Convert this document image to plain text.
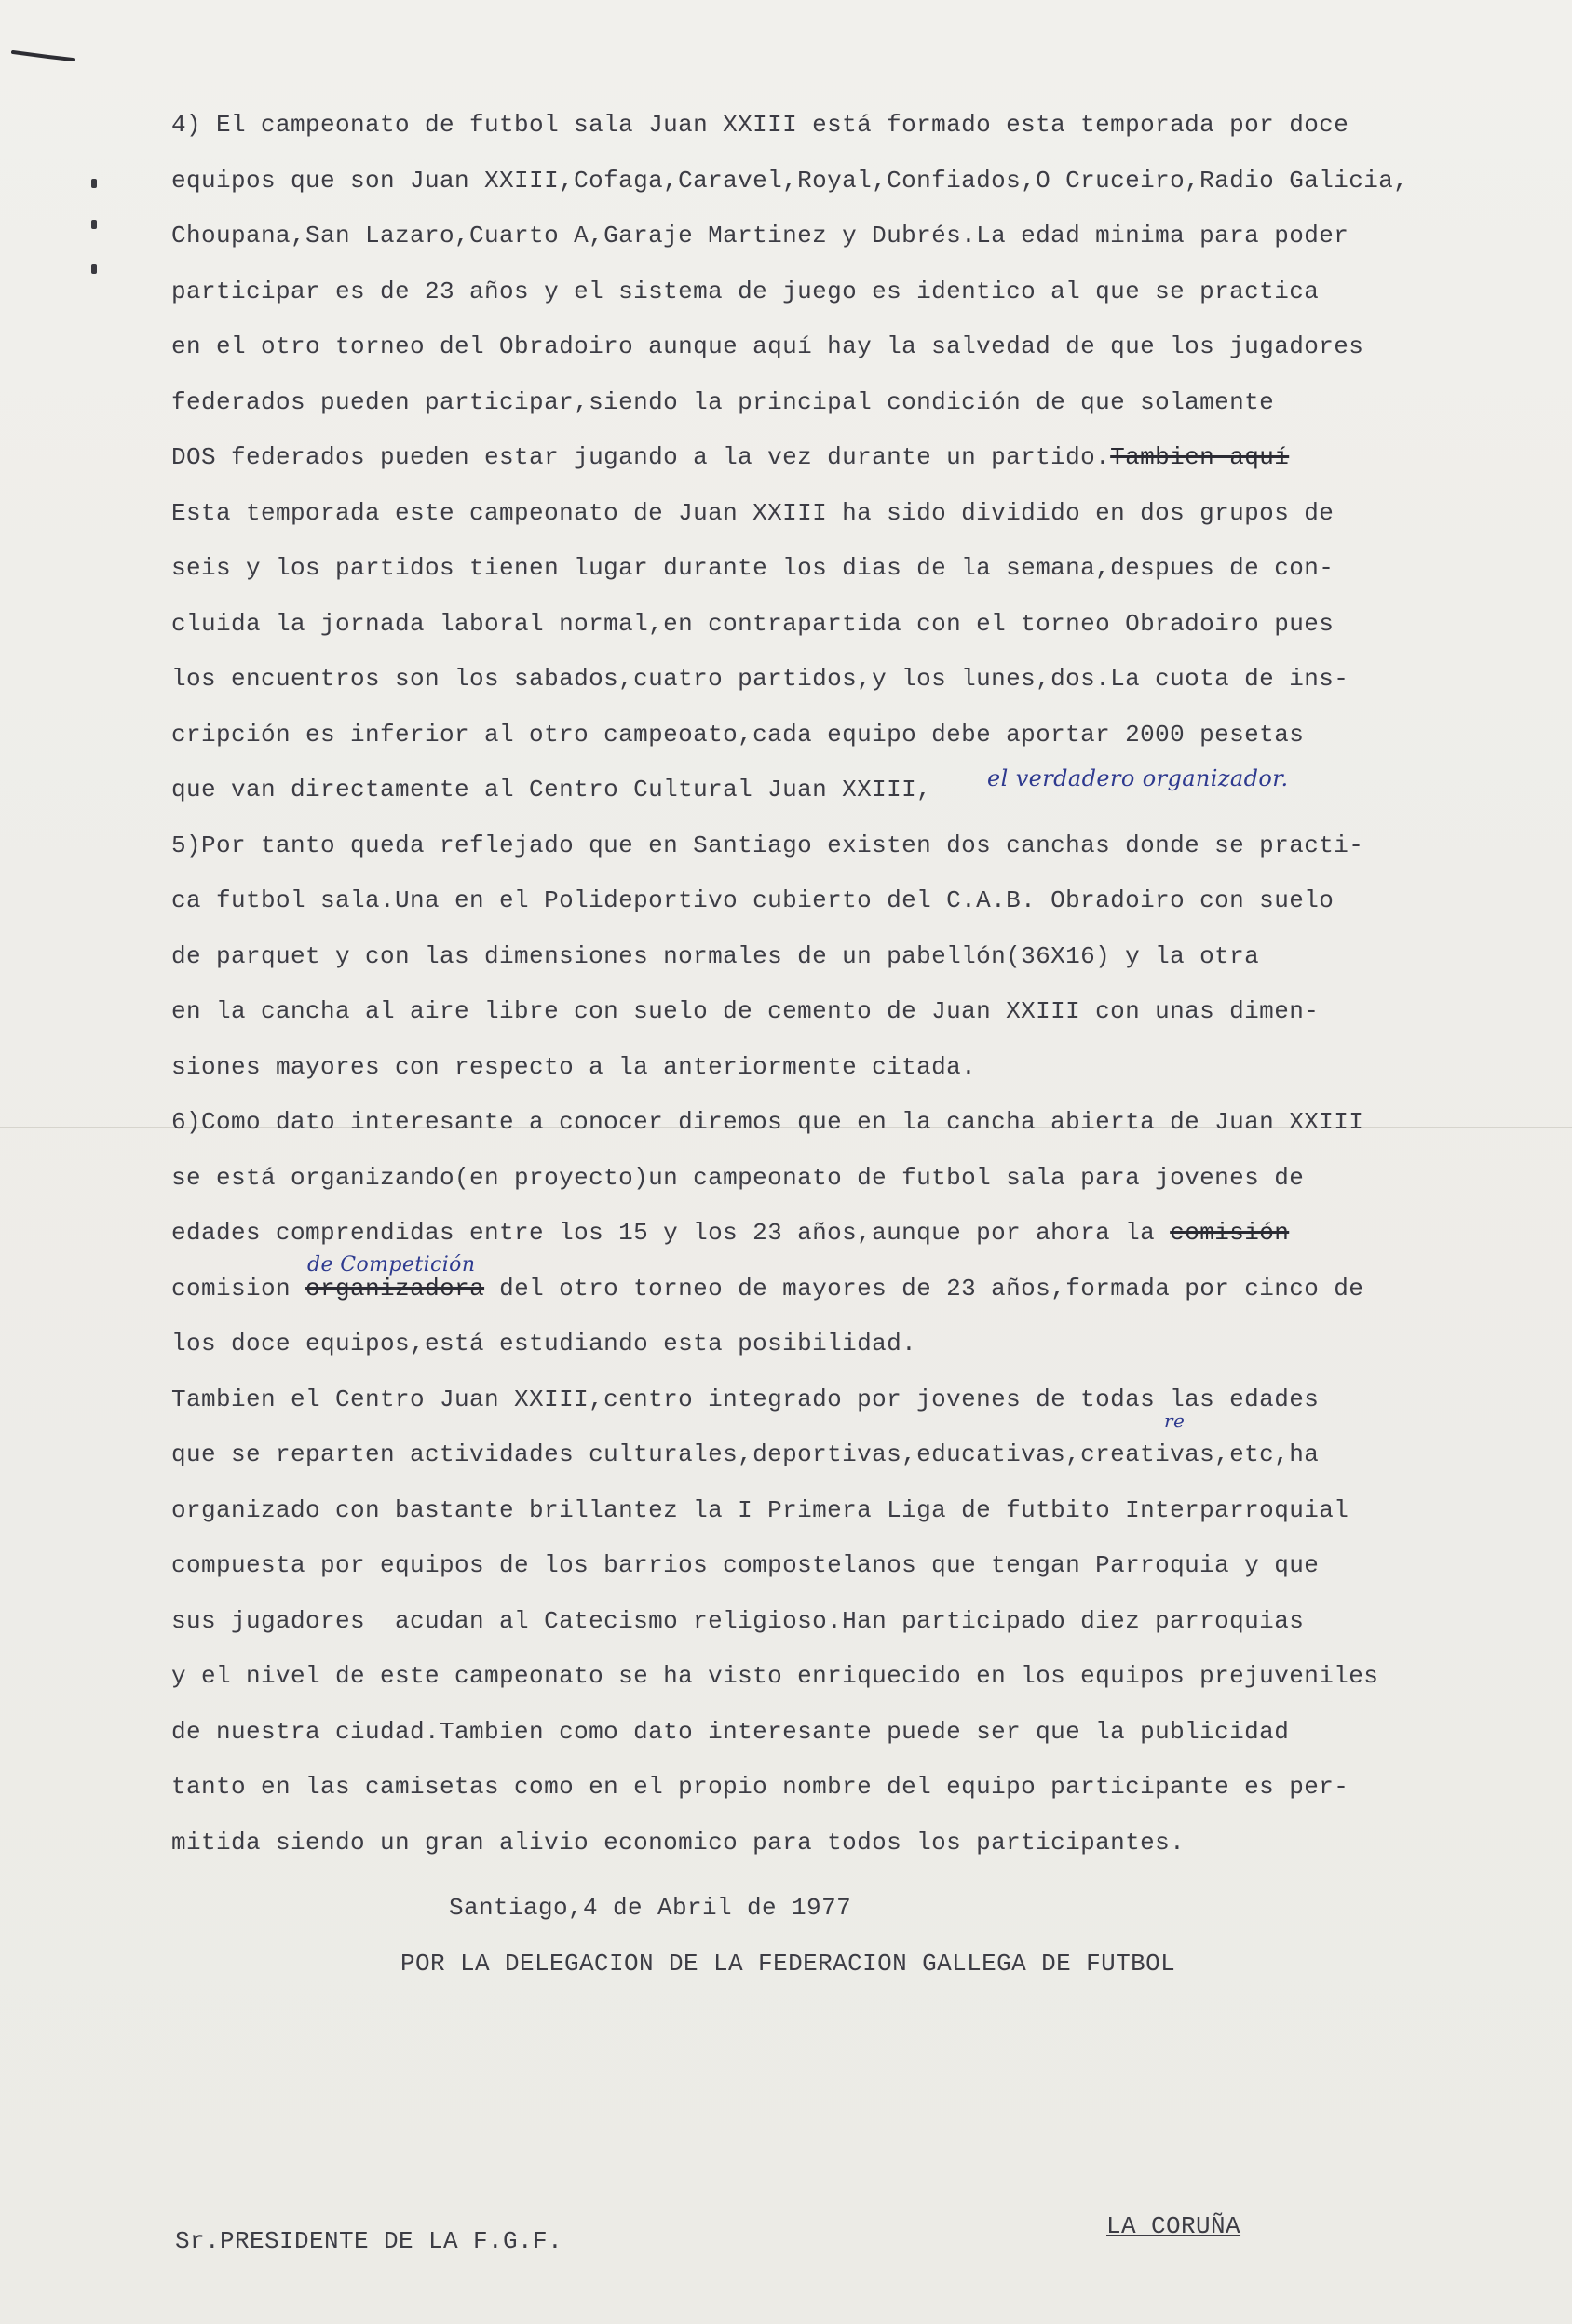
4) El campeonato de futbol sala Juan XXIII está formado esta temporada por doce
equipos que son Juan XXIII,Cofaga,Caravel,Royal,Confiados,O Cruceiro,Radio Galicia,
Choupana,San Lazaro,Cuarto A,Garaje Martinez y Dubrés.La edad minima para poder
participar es de 23 años y el sistema de juego es identico al que se practica
en el otro torneo del Obradoiro aunque aquí hay la salvedad de que los jugadores
federados pueden participar,siendo la principal condición de que solamente
DOS federados pueden estar jugando a la vez durante un partido.Tambien aquí
Esta temporada este campeonato de Juan XXIII ha sido dividido en dos grupos de
seis y los partidos tienen lugar durante los dias de la semana,despues de con-
cluida la jornada laboral normal,en contrapartida con el torneo Obradoiro pues
los encuentros son los sabados,cuatro partidos,y los lunes,dos.La cuota de ins-
cripción es inferior al otro campeoato,cada equipo debe aportar 2000 pesetas
que van directamente al Centro Cultural Juan XXIII, el verdadero organizador.
5)Por tanto queda reflejado que en Santiago existen dos canchas donde se practi-
ca futbol sala.Una en el Polideportivo cubierto del C.A.B. Obradoiro con suelo
de parquet y con las dimensiones normales de un pabellón(36X16) y la otra
en la cancha al aire libre con suelo de cemento de Juan XXIII con unas dimen-
siones mayores con respecto a la anteriormente citada.
6)Como dato interesante a conocer diremos que en la cancha abierta de Juan XXIII
se está organizando(en proyecto)un campeonato de futbol sala para jovenes de
edades comprendidas entre los 15 y los 23 años,aunque por ahora la comisión
de Competición
comision organizadora del otro torneo de mayores de 23 años,formada por cinco de
los doce equipos,está estudiando esta posibilidad.
Tambien el Centro Juan XXIII,centro integrado por jovenes de todas las edades
re
que se reparten actividades culturales,deportivas,educativas,creativas,etc,ha
organizado con bastante brillantez la I Primera Liga de futbito Interparroquial
compuesta por equipos de los barrios compostelanos que tengan Parroquia y que
sus jugadores  acudan al Catecismo religioso.Han participado diez parroquias
y el nivel de este campeonato se ha visto enriquecido en los equipos prejuveniles
de nuestra ciudad.Tambien como dato interesante puede ser que la publicidad
tanto en las camisetas como en el propio nombre del equipo participante es per-
mitida siendo un gran alivio economico para todos los participantes.
Santiago,4 de Abril de 1977
POR LA DELEGACION DE LA FEDERACION GALLEGA DE FUTBOL
Sr.PRESIDENTE DE LA F.G.F.
LA CORUÑA
